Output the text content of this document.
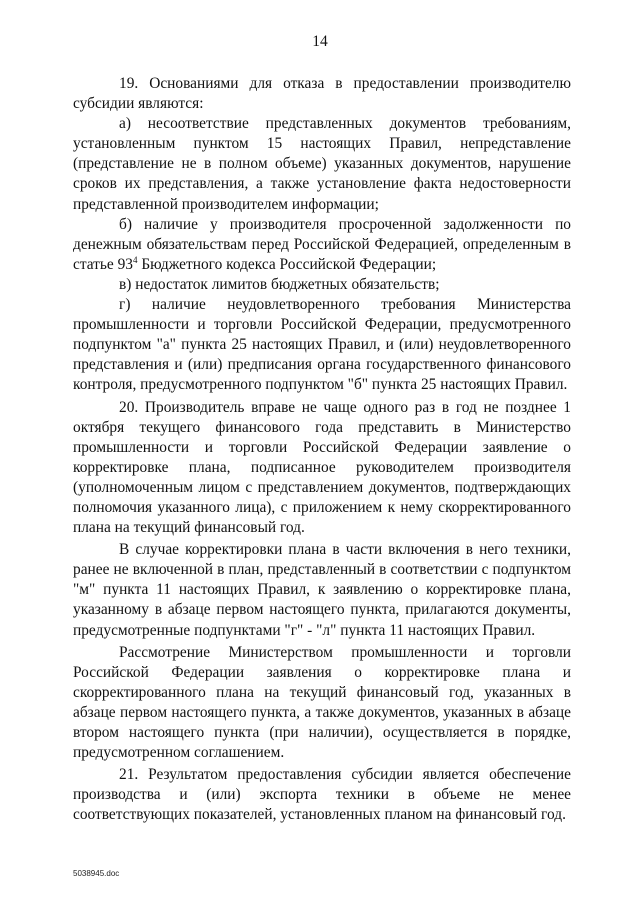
14

19. Основаниями для отказа в предоставлении производителю субсидии являются:

а) несоответствие представленных документов требованиям, установленным пунктом 15 настоящих Правил, непредставление (представление не в полном объеме) указанных документов, нарушение сроков их представления, а также установление факта недостоверности представленной производителем информации;

б) наличие у производителя просроченной задолженности по денежным обязательствам перед Российской Федерацией, определенным в статье $93^4$ Бюджетного кодекса Российской Федерации;

в) недостаток лимитов бюджетных обязательств;

г) наличие неудовлетворенного требования Министерства промышленности и торговли Российской Федерации, предусмотренного подпунктом "а" пункта 25 настоящих Правил, и (или) неудовлетворенного представления и (или) предписания органа государственного финансового контроля, предусмотренного подпунктом "б" пункта 25 настоящих Правил.

20. Производитель вправе не чаще одного раз в год не позднее 1 октября текущего финансового года представить в Министерство промышленности и торговли Российской Федерации заявление о корректировке плана, подписанное руководителем производителя (уполномоченным лицом с представлением документов, подтверждающих полномочия указанного лица), с приложением к нему скорректированного плана на текущий финансовый год.

В случае корректировки плана в части включения в него техники, ранее не включенной в план, представленный в соответствии с подпунктом "м" пункта 11 настоящих Правил, к заявлению о корректировке плана, указанному в абзаце первом настоящего пункта, прилагаются документы, предусмотренные подпунктами "г" - "л" пункта 11 настоящих Правил.

Рассмотрение Министерством промышленности и торговли Российской Федерации заявления о корректировке плана и скорректированного плана на текущий финансовый год, указанных в абзаце первом настоящего пункта, а также документов, указанных в абзаце втором настоящего пункта (при наличии), осуществляется в порядке, предусмотренном соглашением.

21. Результатом предоставления субсидии является обеспечение производства и (или) экспорта техники в объеме не менее соответствующих показателей, установленных планом на финансовый год.

5038945.doc
